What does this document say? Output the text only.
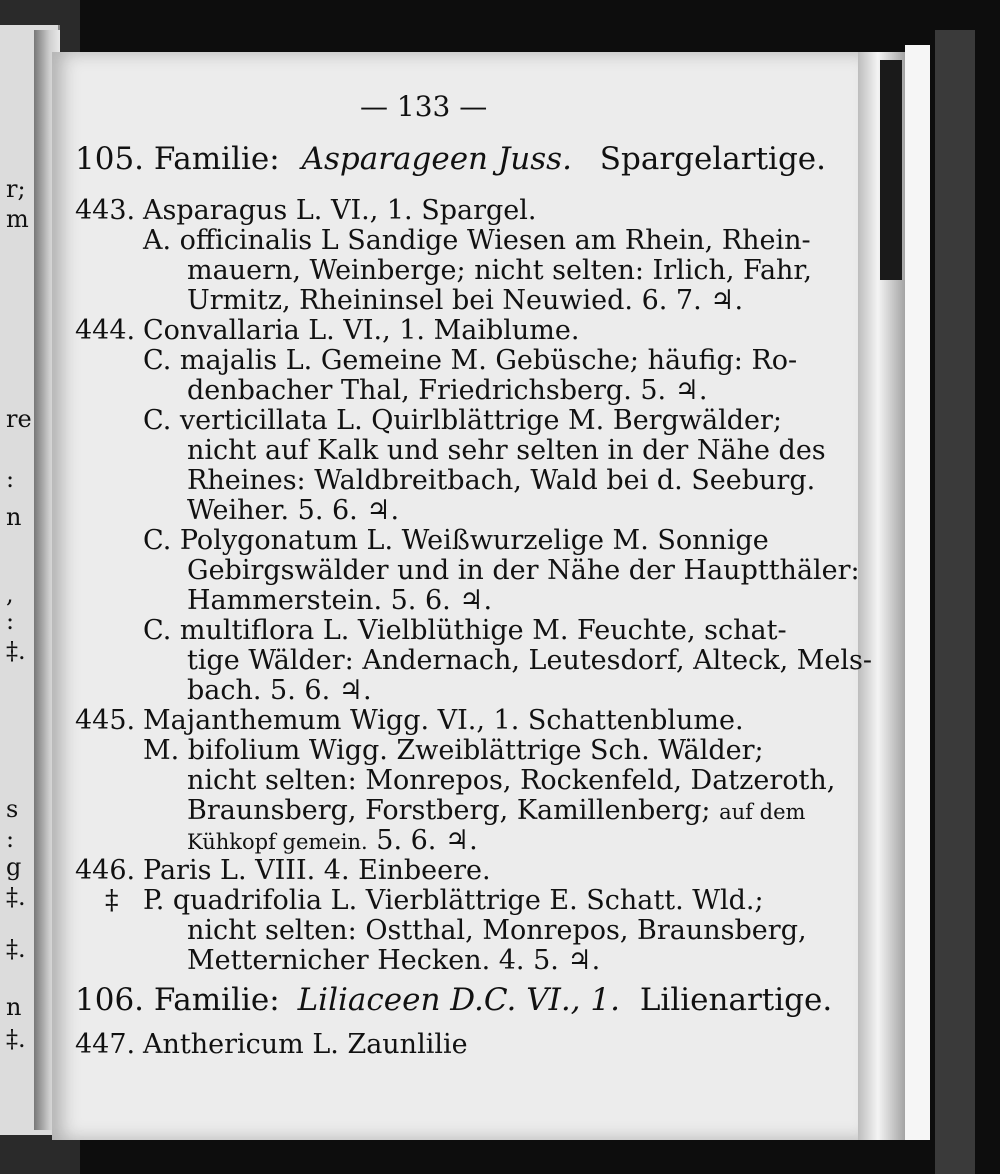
r;
m
re
:
n
,
:
‡.
s
:
g
‡.
‡.
n
‡.
— 133 —
105. Familie: Asparageen Juss. Spargelartige.
443. Asparagus L. VI., 1. Spargel.
A. officinalis L Sandige Wiesen am Rhein, Rhein-
mauern, Weinberge; nicht selten: Irlich, Fahr,
Urmitz, Rheininsel bei Neuwied. 6. 7. ♃.
444. Convallaria L. VI., 1. Maiblume.
C. majalis L. Gemeine M. Gebüsche; häufig: Ro-
denbacher Thal, Friedrichsberg. 5. ♃.
C. verticillata L. Quirlblättrige M. Bergwälder;
nicht auf Kalk und sehr selten in der Nähe des
Rheines: Waldbreitbach, Wald bei d. Seeburg.
Weiher. 5. 6. ♃.
C. Polygonatum L. Weißwurzelige M. Sonnige
Gebirgswälder und in der Nähe der Hauptthäler:
Hammerstein. 5. 6. ♃.
C. multiflora L. Vielblüthige M. Feuchte, schat-
tige Wälder: Andernach, Leutesdorf, Alteck, Mels-
bach. 5. 6. ♃.
445. Majanthemum Wigg. VI., 1. Schattenblume.
M. bifolium Wigg. Zweiblättrige Sch. Wälder;
nicht selten: Monrepos, Rockenfeld, Datzeroth,
Braunsberg, Forstberg, Kamillenberg; auf dem
Kühkopf gemein. 5. 6. ♃.
446. Paris L. VIII. 4. Einbeere.
‡ P. quadrifolia L. Vierblättrige E. Schatt. Wld.;
nicht selten: Ostthal, Monrepos, Braunsberg,
Metternicher Hecken. 4. 5. ♃.
106. Familie: Liliaceen D.C. VI., 1. Lilienartige.
447. Anthericum L. Zaunlilie
